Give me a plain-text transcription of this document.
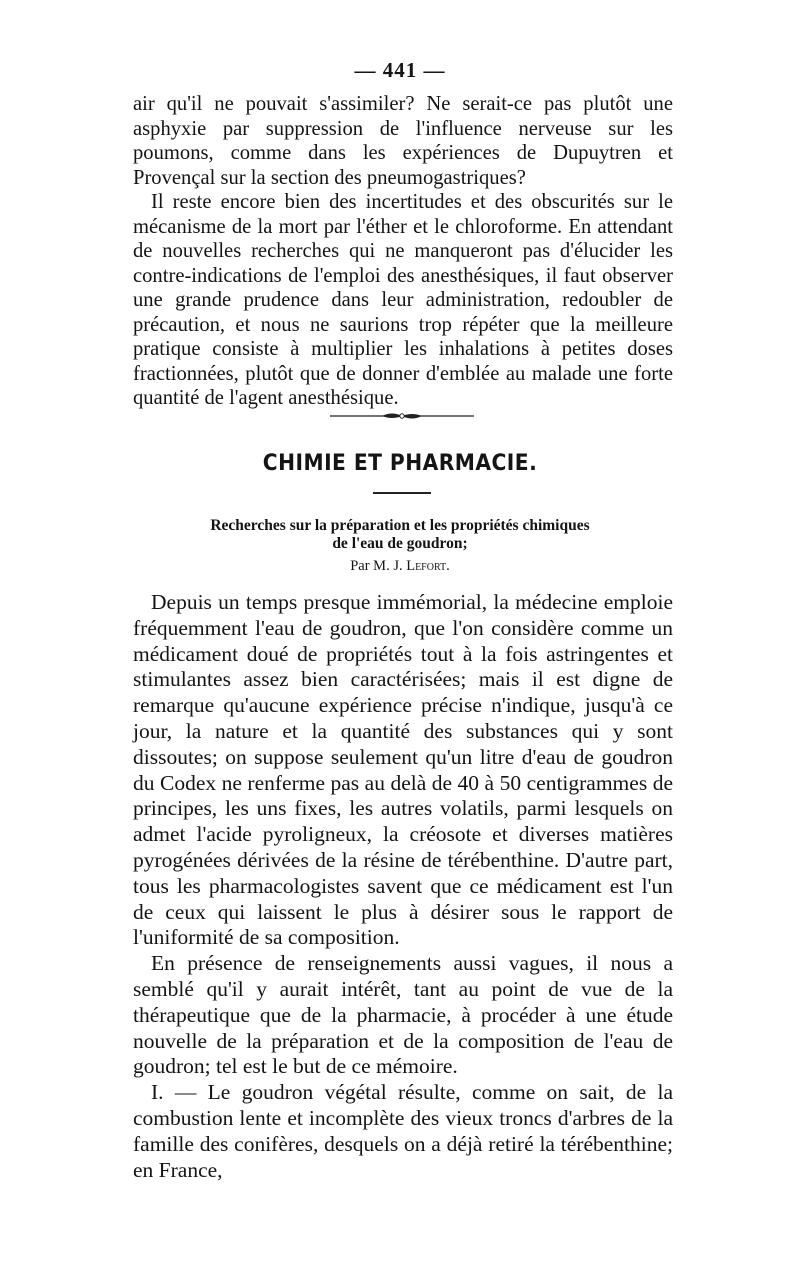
— 441 —

air qu'il ne pouvait s'assimiler? Ne serait-ce pas plutôt une asphyxie par suppression de l'influence nerveuse sur les poumons, comme dans les expériences de Dupuytren et Provençal sur la section des pneumogastriques?

Il reste encore bien des incertitudes et des obscurités sur le mécanisme de la mort par l'éther et le chloroforme. En attendant de nouvelles recherches qui ne manqueront pas d'élucider les contre-indications de l'emploi des anesthésiques, il faut observer une grande prudence dans leur administration, redoubler de précaution, et nous ne saurions trop répéter que la meilleure pratique consiste à multiplier les inhalations à petites doses fractionnées, plutôt que de donner d'emblée au malade une forte quantité de l'agent anesthésique.

CHIMIE ET PHARMACIE.
Recherches sur la préparation et les propriétés chimiques
de l'eau de goudron;
Par M. J. Lefort.

Depuis un temps presque immémorial, la médecine emploie fréquemment l'eau de goudron, que l'on considère comme un médicament doué de propriétés tout à la fois astringentes et stimulantes assez bien caractérisées; mais il est digne de remarque qu'aucune expérience précise n'indique, jusqu'à ce jour, la nature et la quantité des substances qui y sont dissoutes; on suppose seulement qu'un litre d'eau de goudron du Codex ne renferme pas au delà de 40 à 50 centigrammes de principes, les uns fixes, les autres volatils, parmi lesquels on admet l'acide pyroligneux, la créosote et diverses matières pyrogénées dérivées de la résine de térébenthine. D'autre part, tous les pharmacologistes savent que ce médicament est l'un de ceux qui laissent le plus à désirer sous le rapport de l'uniformité de sa composition.

En présence de renseignements aussi vagues, il nous a semblé qu'il y aurait intérêt, tant au point de vue de la thérapeutique que de la pharmacie, à procéder à une étude nouvelle de la préparation et de la composition de l'eau de goudron; tel est le but de ce mémoire.

I. — Le goudron végétal résulte, comme on sait, de la combustion lente et incomplète des vieux troncs d'arbres de la famille des conifères, desquels on a déjà retiré la térébenthine; en France,
